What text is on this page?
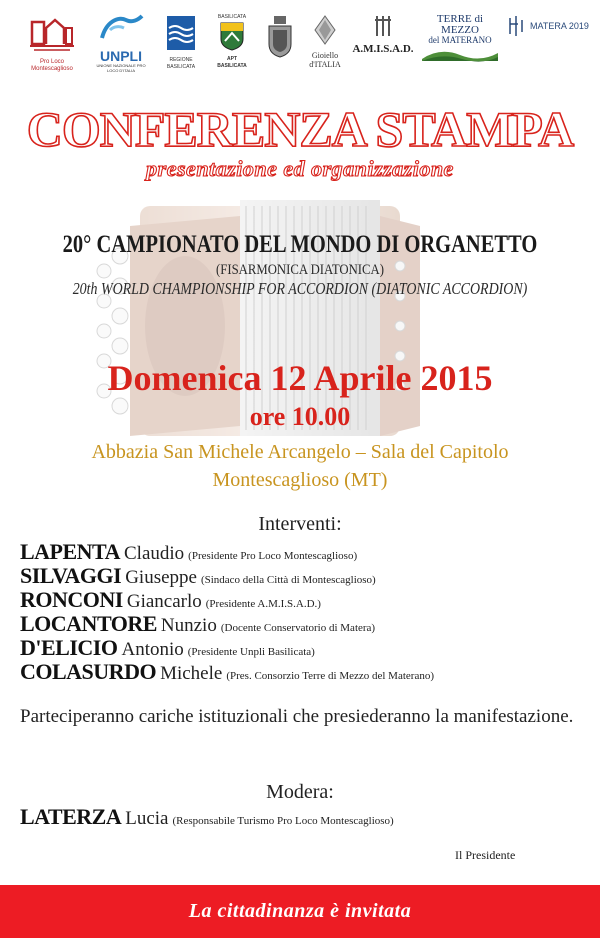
Pro Loco Montescaglioso
UNPLI
UNIONE NAZIONALE PRO LOCO D'ITALIA
REGIONE BASILICATA
BASILICATA
APT BASILICATA
Gioiello d'ITALIA
A.M.I.S.A.D.
TERRE di MEZZO
del MATERANO
MATERA 2019
CONFERENZA STAMPA
presentazione ed organizzazione
20° CAMPIONATO DEL MONDO DI ORGANETTO
(FISARMONICA DIATONICA)
20th WORLD CHAMPIONSHIP FOR ACCORDION (DIATONIC ACCORDION)
Domenica 12 Aprile 2015
ore 10.00
Abbazia San Michele Arcangelo – Sala del Capitolo
Montescaglioso (MT)
Interventi:
LAPENTA Claudio (Presidente Pro Loco Montescaglioso)
SILVAGGI Giuseppe (Sindaco della Città di Montescaglioso)
RONCONI Giancarlo (Presidente A.M.I.S.A.D.)
LOCANTORE Nunzio (Docente Conservatorio di Matera)
D'ELICIO Antonio (Presidente Unpli Basilicata)
COLASURDO Michele (Pres. Consorzio Terre di Mezzo del Materano)
Parteciperanno cariche istituzionali che presiederanno la manifestazione.
Modera:
LATERZA Lucia (Responsabile Turismo Pro Loco Montescaglioso)
Il Presidente
La cittadinanza è invitata
